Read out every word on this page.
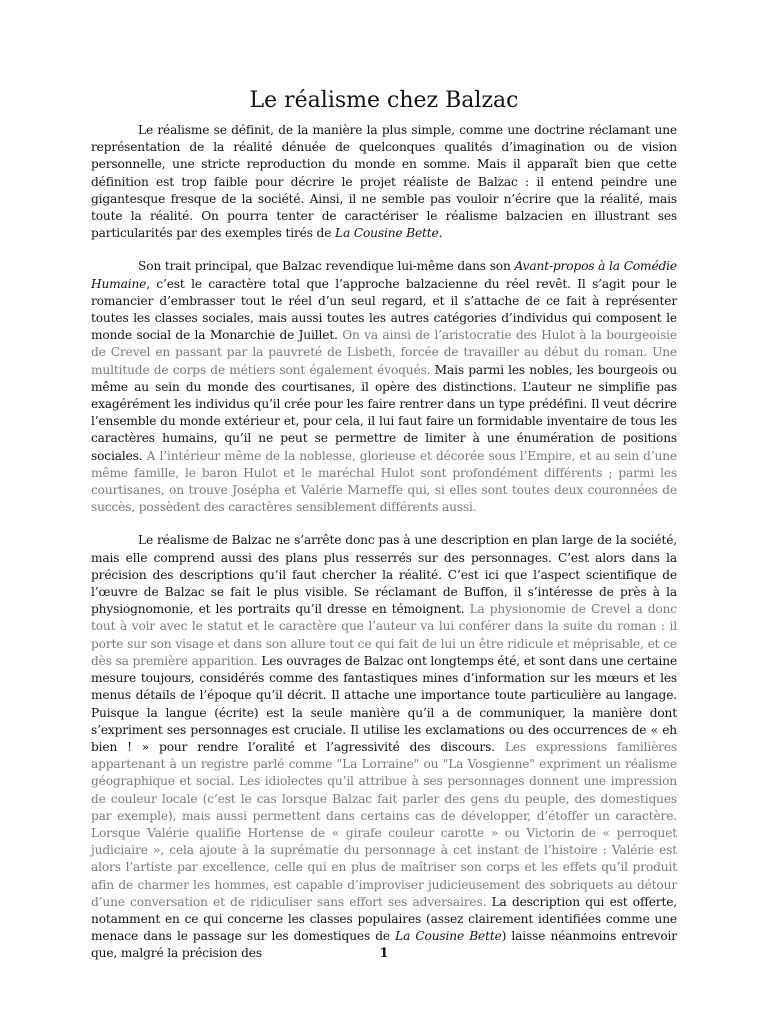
Le réalisme chez Balzac

Le réalisme se définit, de la manière la plus simple, comme une doctrine réclamant une représentation de la réalité dénuée de quelconques qualités d’imagination ou de vision personnelle, une stricte reproduction du monde en somme. Mais il apparaît bien que cette définition est trop faible pour décrire le projet réaliste de Balzac : il entend peindre une gigantesque fresque de la société. Ainsi, il ne semble pas vouloir n’écrire que la réalité, mais toute la réalité. On pourra tenter de caractériser le réalisme balzacien en illustrant ses particularités par des exemples tirés de La Cousine Bette.

Son trait principal, que Balzac revendique lui-même dans son Avant-propos à la Comédie Humaine, c’est le caractère total que l’approche balzacienne du réel revêt. Il s’agit pour le romancier d’embrasser tout le réel d’un seul regard, et il s’attache de ce fait à représenter toutes les classes sociales, mais aussi toutes les autres catégories d’individus qui composent le monde social de la Monarchie de Juillet. On va ainsi de l’aristocratie des Hulot à la bourgeoisie de Crevel en passant par la pauvreté de Lisbeth, forcée de travailler au début du roman. Une multitude de corps de métiers sont également évoqués. Mais parmi les nobles, les bourgeois ou même au sein du monde des courtisanes, il opère des distinctions. L’auteur ne simplifie pas exagérément les individus qu’il crée pour les faire rentrer dans un type prédéfini. Il veut décrire l’ensemble du monde extérieur et, pour cela, il lui faut faire un formidable inventaire de tous les caractères humains, qu’il ne peut se permettre de limiter à une énumération de positions sociales. A l’intérieur même de la noblesse, glorieuse et décorée sous l’Empire, et au sein d’une même famille, le baron Hulot et le maréchal Hulot sont profondément différents ; parmi les courtisanes, on trouve Josépha et Valérie Marneffe qui, si elles sont toutes deux couronnées de succès, possèdent des caractères sensiblement différents aussi.

Le réalisme de Balzac ne s’arrête donc pas à une description en plan large de la société, mais elle comprend aussi des plans plus resserrés sur des personnages. C’est alors dans la précision des descriptions qu’il faut chercher la réalité. C’est ici que l’aspect scientifique de l’œuvre de Balzac se fait le plus visible. Se réclamant de Buffon, il s’intéresse de près à la physiognomonie, et les portraits qu’il dresse en témoignent. La physionomie de Crevel a donc tout à voir avec le statut et le caractère que l’auteur va lui conférer dans la suite du roman : il porte sur son visage et dans son allure tout ce qui fait de lui un être ridicule et méprisable, et ce dès sa première apparition. Les ouvrages de Balzac ont longtemps été, et sont dans une certaine mesure toujours, considérés comme des fantastiques mines d’information sur les mœurs et les menus détails de l’époque qu’il décrit. Il attache une importance toute particulière au langage. Puisque la langue (écrite) est la seule manière qu’il a de communiquer, la manière dont s’expriment ses personnages est cruciale. Il utilise les exclamations ou des occurrences de « eh bien ! » pour rendre l’oralité et l’agressivité des discours. Les expressions familières appartenant à un registre parlé comme "La Lorraine" ou "La Vosgienne" expriment un réalisme géographique et social. Les idiolectes qu’il attribue à ses personnages donnent une impression de couleur locale (c’est le cas lorsque Balzac fait parler des gens du peuple, des domestiques par exemple), mais aussi permettent dans certains cas de développer, d’étoffer un caractère. Lorsque Valérie qualifie Hortense de « girafe couleur carotte » ou Victorin de « perroquet judiciaire », cela ajoute à la suprématie du personnage à cet instant de l’histoire : Valérie est alors l’artiste par excellence, celle qui en plus de maîtriser son corps et les effets qu’il produit afin de charmer les hommes, est capable d’improviser judicieusement des sobriquets au détour d’une conversation et de ridiculiser sans effort ses adversaires. La description qui est offerte, notamment en ce qui concerne les classes populaires (assez clairement identifiées comme une menace dans le passage sur les domestiques de La Cousine Bette) laisse néanmoins entrevoir que, malgré la précision des	1
